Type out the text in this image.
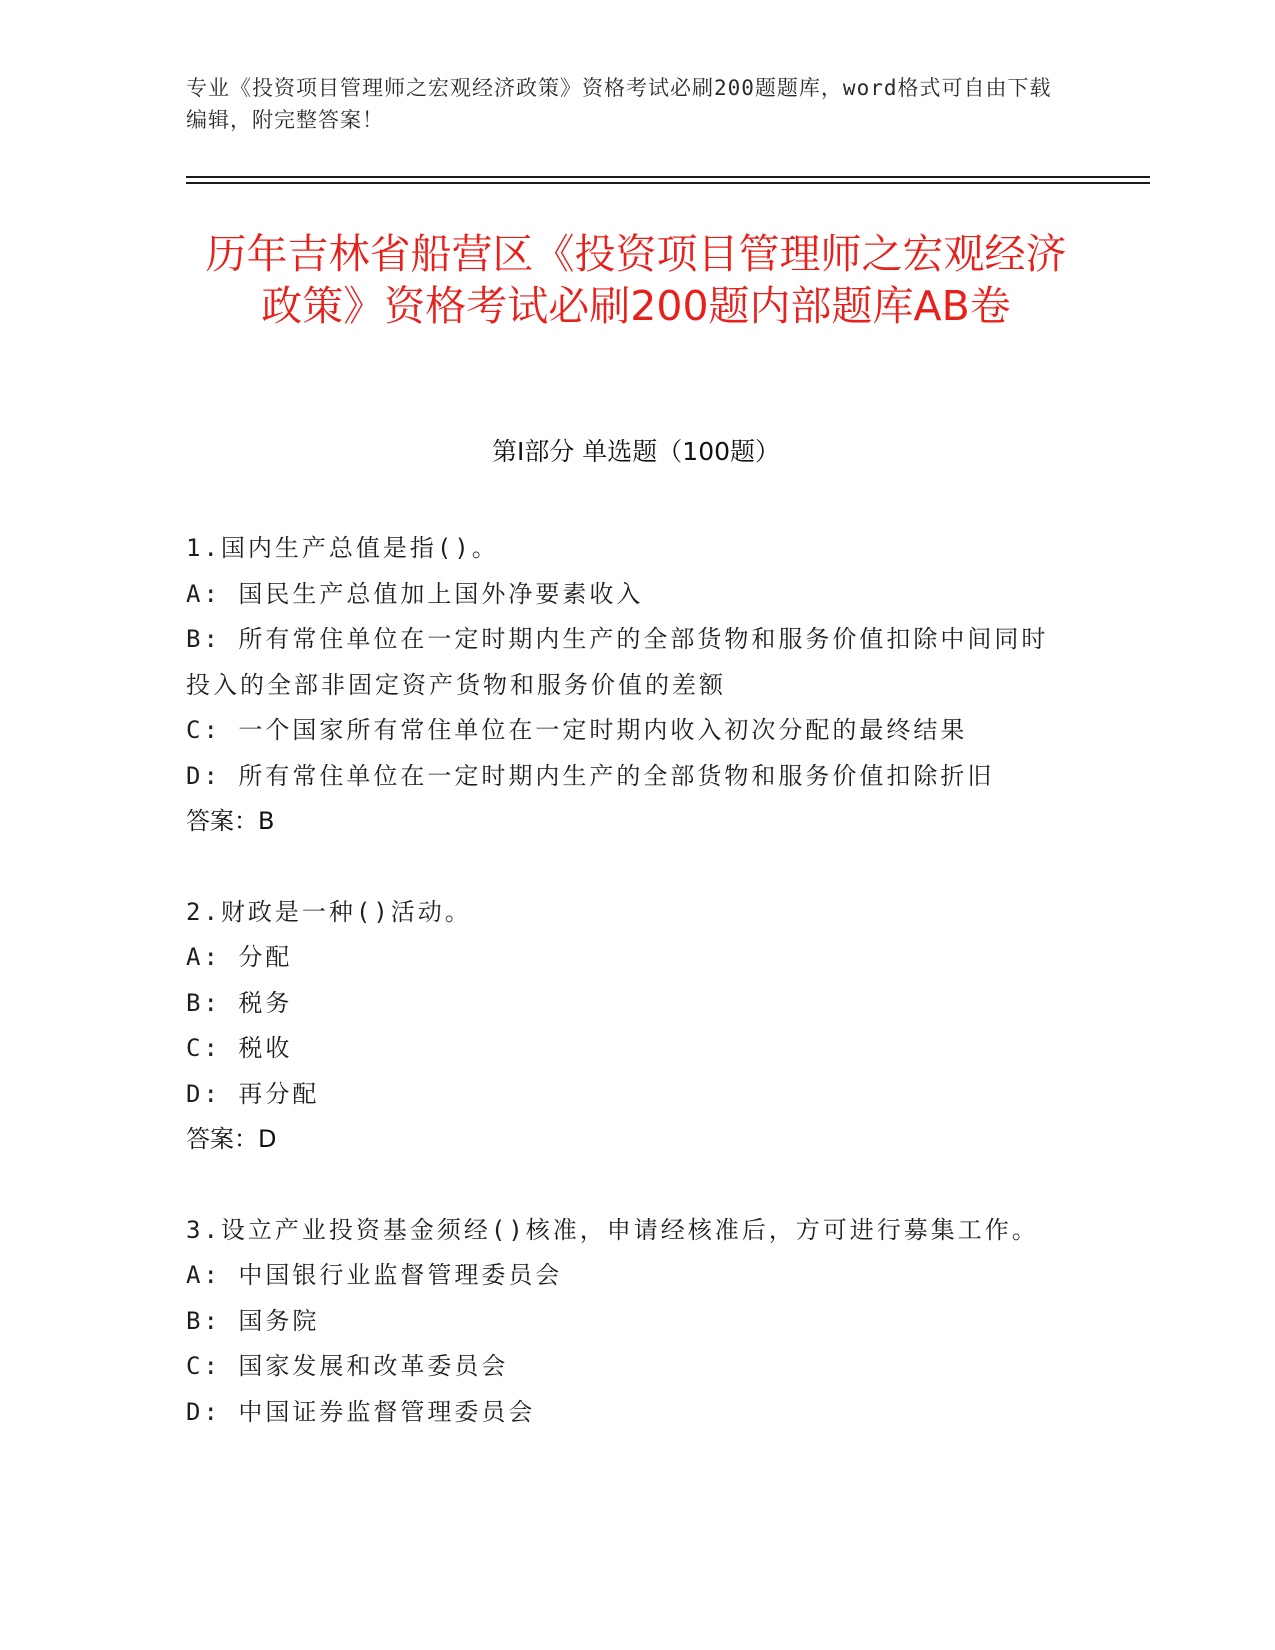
专业《投资项目管理师之宏观经济政策》资格考试必刷200题题库，word格式可自由下载编辑，附完整答案！
历年吉林省船营区《投资项目管理师之宏观经济政策》资格考试必刷200题内部题库AB卷
第Ⅰ部分 单选题（100题）

1.国内生产总值是指()。

A: 国民生产总值加上国外净要素收入

B: 所有常住单位在一定时期内生产的全部货物和服务价值扣除中间同时投入的全部非固定资产货物和服务价值的差额

C: 一个国家所有常住单位在一定时期内收入初次分配的最终结果

D: 所有常住单位在一定时期内生产的全部货物和服务价值扣除折旧

答案：B

2.财政是一种()活动。

A: 分配

B: 税务

C: 税收

D: 再分配

答案：D

3.设立产业投资基金须经()核准，申请经核准后，方可进行募集工作。

A: 中国银行业监督管理委员会

B: 国务院

C: 国家发展和改革委员会

D: 中国证券监督管理委员会
